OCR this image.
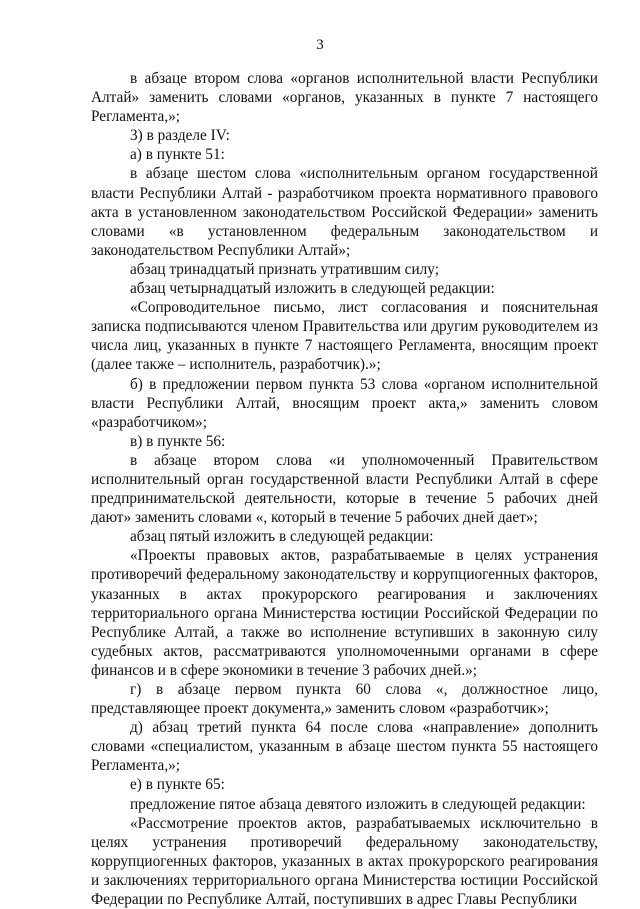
3

в абзаце втором слова «органов исполнительной власти Республики Алтай» заменить словами «органов, указанных в пункте 7 настоящего Регламента,»;

3) в разделе IV:

а) в пункте 51:

в абзаце шестом слова «исполнительным органом государственной власти Республики Алтай - разработчиком проекта нормативного правового акта в установленном законодательством Российской Федерации» заменить словами «в установленном федеральным законодательством и законодательством Республики Алтай»;

абзац тринадцатый признать утратившим силу;

абзац четырнадцатый изложить в следующей редакции:

«Сопроводительное письмо, лист согласования и пояснительная записка подписываются членом Правительства или другим руководителем из числа лиц, указанных в пункте 7 настоящего Регламента, вносящим проект (далее также – исполнитель, разработчик).»;

б) в предложении первом пункта 53 слова «органом исполнительной власти Республики Алтай, вносящим проект акта,» заменить словом «разработчиком»;

в) в пункте 56:

в абзаце втором слова «и уполномоченный Правительством исполнительный орган государственной власти Республики Алтай в сфере предпринимательской деятельности, которые в течение 5 рабочих дней дают» заменить словами «, который в течение 5 рабочих дней дает»;

абзац пятый изложить в следующей редакции:

«Проекты правовых актов, разрабатываемые в целях устранения противоречий федеральному законодательству и коррупциогенных факторов, указанных в актах прокурорского реагирования и заключениях территориального органа Министерства юстиции Российской Федерации по Республике Алтай, а также во исполнение вступивших в законную силу судебных актов, рассматриваются уполномоченными органами в сфере финансов и в сфере экономики в течение 3 рабочих дней.»;

г) в абзаце первом пункта 60 слова «, должностное лицо, представляющее проект документа,» заменить словом «разработчик»;

д) абзац третий пункта 64 после слова «направление» дополнить словами «специалистом, указанным в абзаце шестом пункта 55 настоящего Регламента,»;

е) в пункте 65:

предложение пятое абзаца девятого изложить в следующей редакции:

«Рассмотрение проектов актов, разрабатываемых исключительно в целях устранения противоречий федеральному законодательству, коррупциогенных факторов, указанных в актах прокурорского реагирования и заключениях территориального органа Министерства юстиции Российской Федерации по Республике Алтай, поступивших в адрес Главы Республики
